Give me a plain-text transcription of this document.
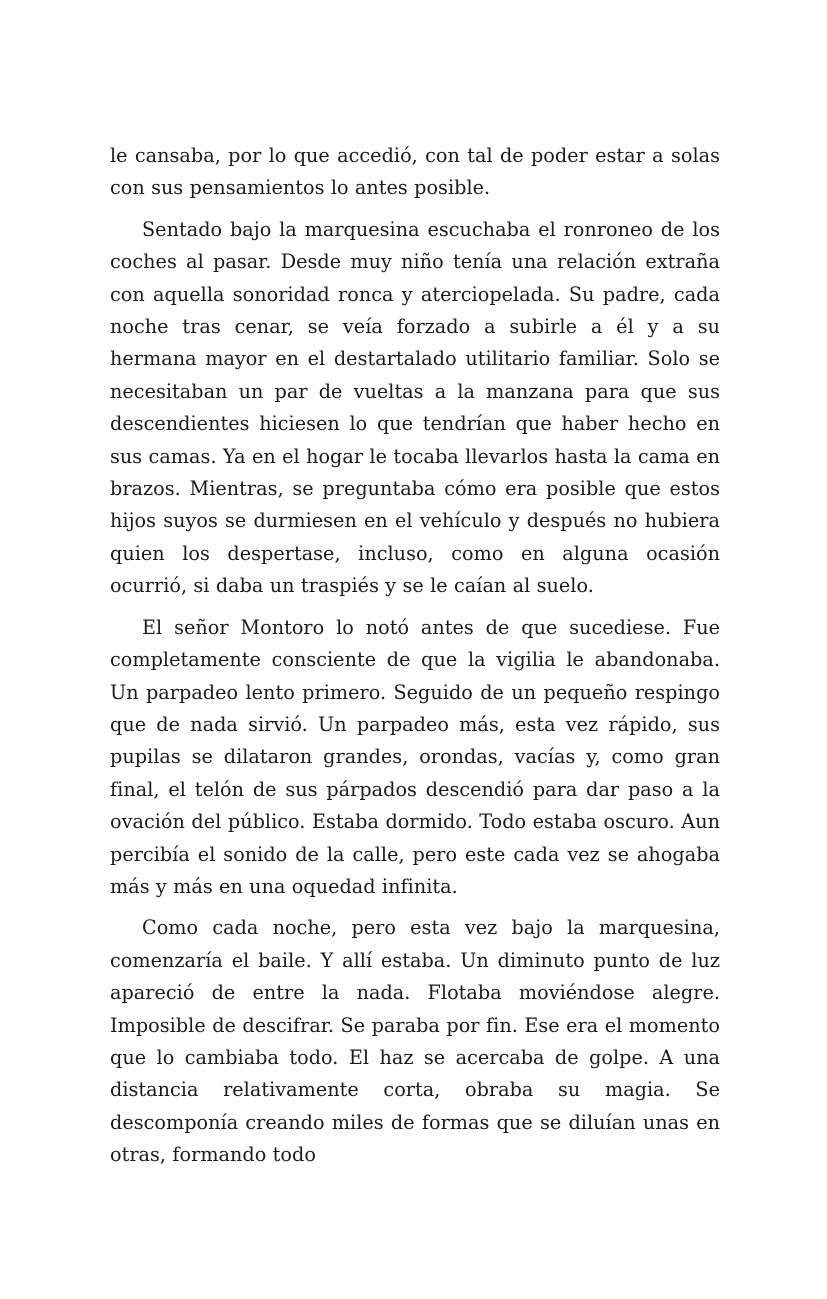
le cansaba, por lo que accedió, con tal de poder estar a solas con sus pensamientos lo antes posible.

Sentado bajo la marquesina escuchaba el ronroneo de los coches al pasar. Desde muy niño tenía una relación extraña con aquella sonoridad ronca y aterciopelada. Su padre, cada noche tras cenar, se veía forzado a subirle a él y a su hermana mayor en el destartalado utilitario familiar. Solo se necesitaban un par de vueltas a la manzana para que sus descendientes hiciesen lo que tendrían que haber hecho en sus camas. Ya en el hogar le tocaba llevarlos hasta la cama en brazos. Mientras, se preguntaba cómo era posible que estos hijos suyos se durmiesen en el vehículo y después no hubiera quien los despertase, incluso, como en alguna ocasión ocurrió, si daba un traspiés y se le caían al suelo.

El señor Montoro lo notó antes de que sucediese. Fue completamente consciente de que la vigilia le abandonaba. Un parpadeo lento primero. Seguido de un pequeño respingo que de nada sirvió. Un parpadeo más, esta vez rápido, sus pupilas se dilataron grandes, orondas, vacías y, como gran final, el telón de sus párpados descendió para dar paso a la ovación del público. Estaba dormido. Todo estaba oscuro. Aun percibía el sonido de la calle, pero este cada vez se ahogaba más y más en una oquedad infinita.

Como cada noche, pero esta vez bajo la marquesina, comenzaría el baile. Y allí estaba. Un diminuto punto de luz apareció de entre la nada. Flotaba moviéndose alegre. Imposible de descifrar. Se paraba por fin. Ese era el momento que lo cambiaba todo. El haz se acercaba de golpe. A una distancia relativamente corta, obraba su magia. Se descomponía creando miles de formas que se diluían unas en otras, formando todo
